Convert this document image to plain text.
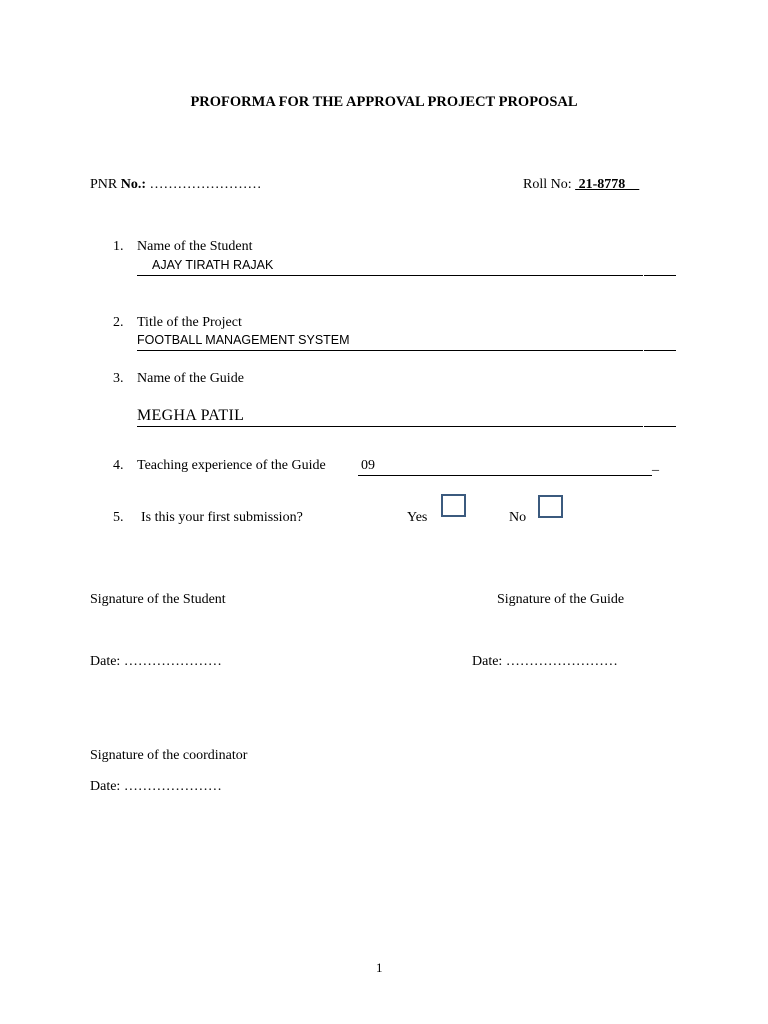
PROFORMA FOR THE APPROVAL PROJECT PROPOSAL
PNR No.: ……………………	Roll No:  21-8778
1. Name of the Student
AJAY TIRATH RAJAK
2. Title of the Project
FOOTBALL MANAGEMENT SYSTEM
3. Name of the Guide
MEGHA PATIL
4. Teaching experience of the Guide	09	_
5. Is this your first submission?	Yes	No
Signature of the Student	Signature of the Guide
Date: …………………	Date: ……………………
Signature of the coordinator
Date: …………………
1
